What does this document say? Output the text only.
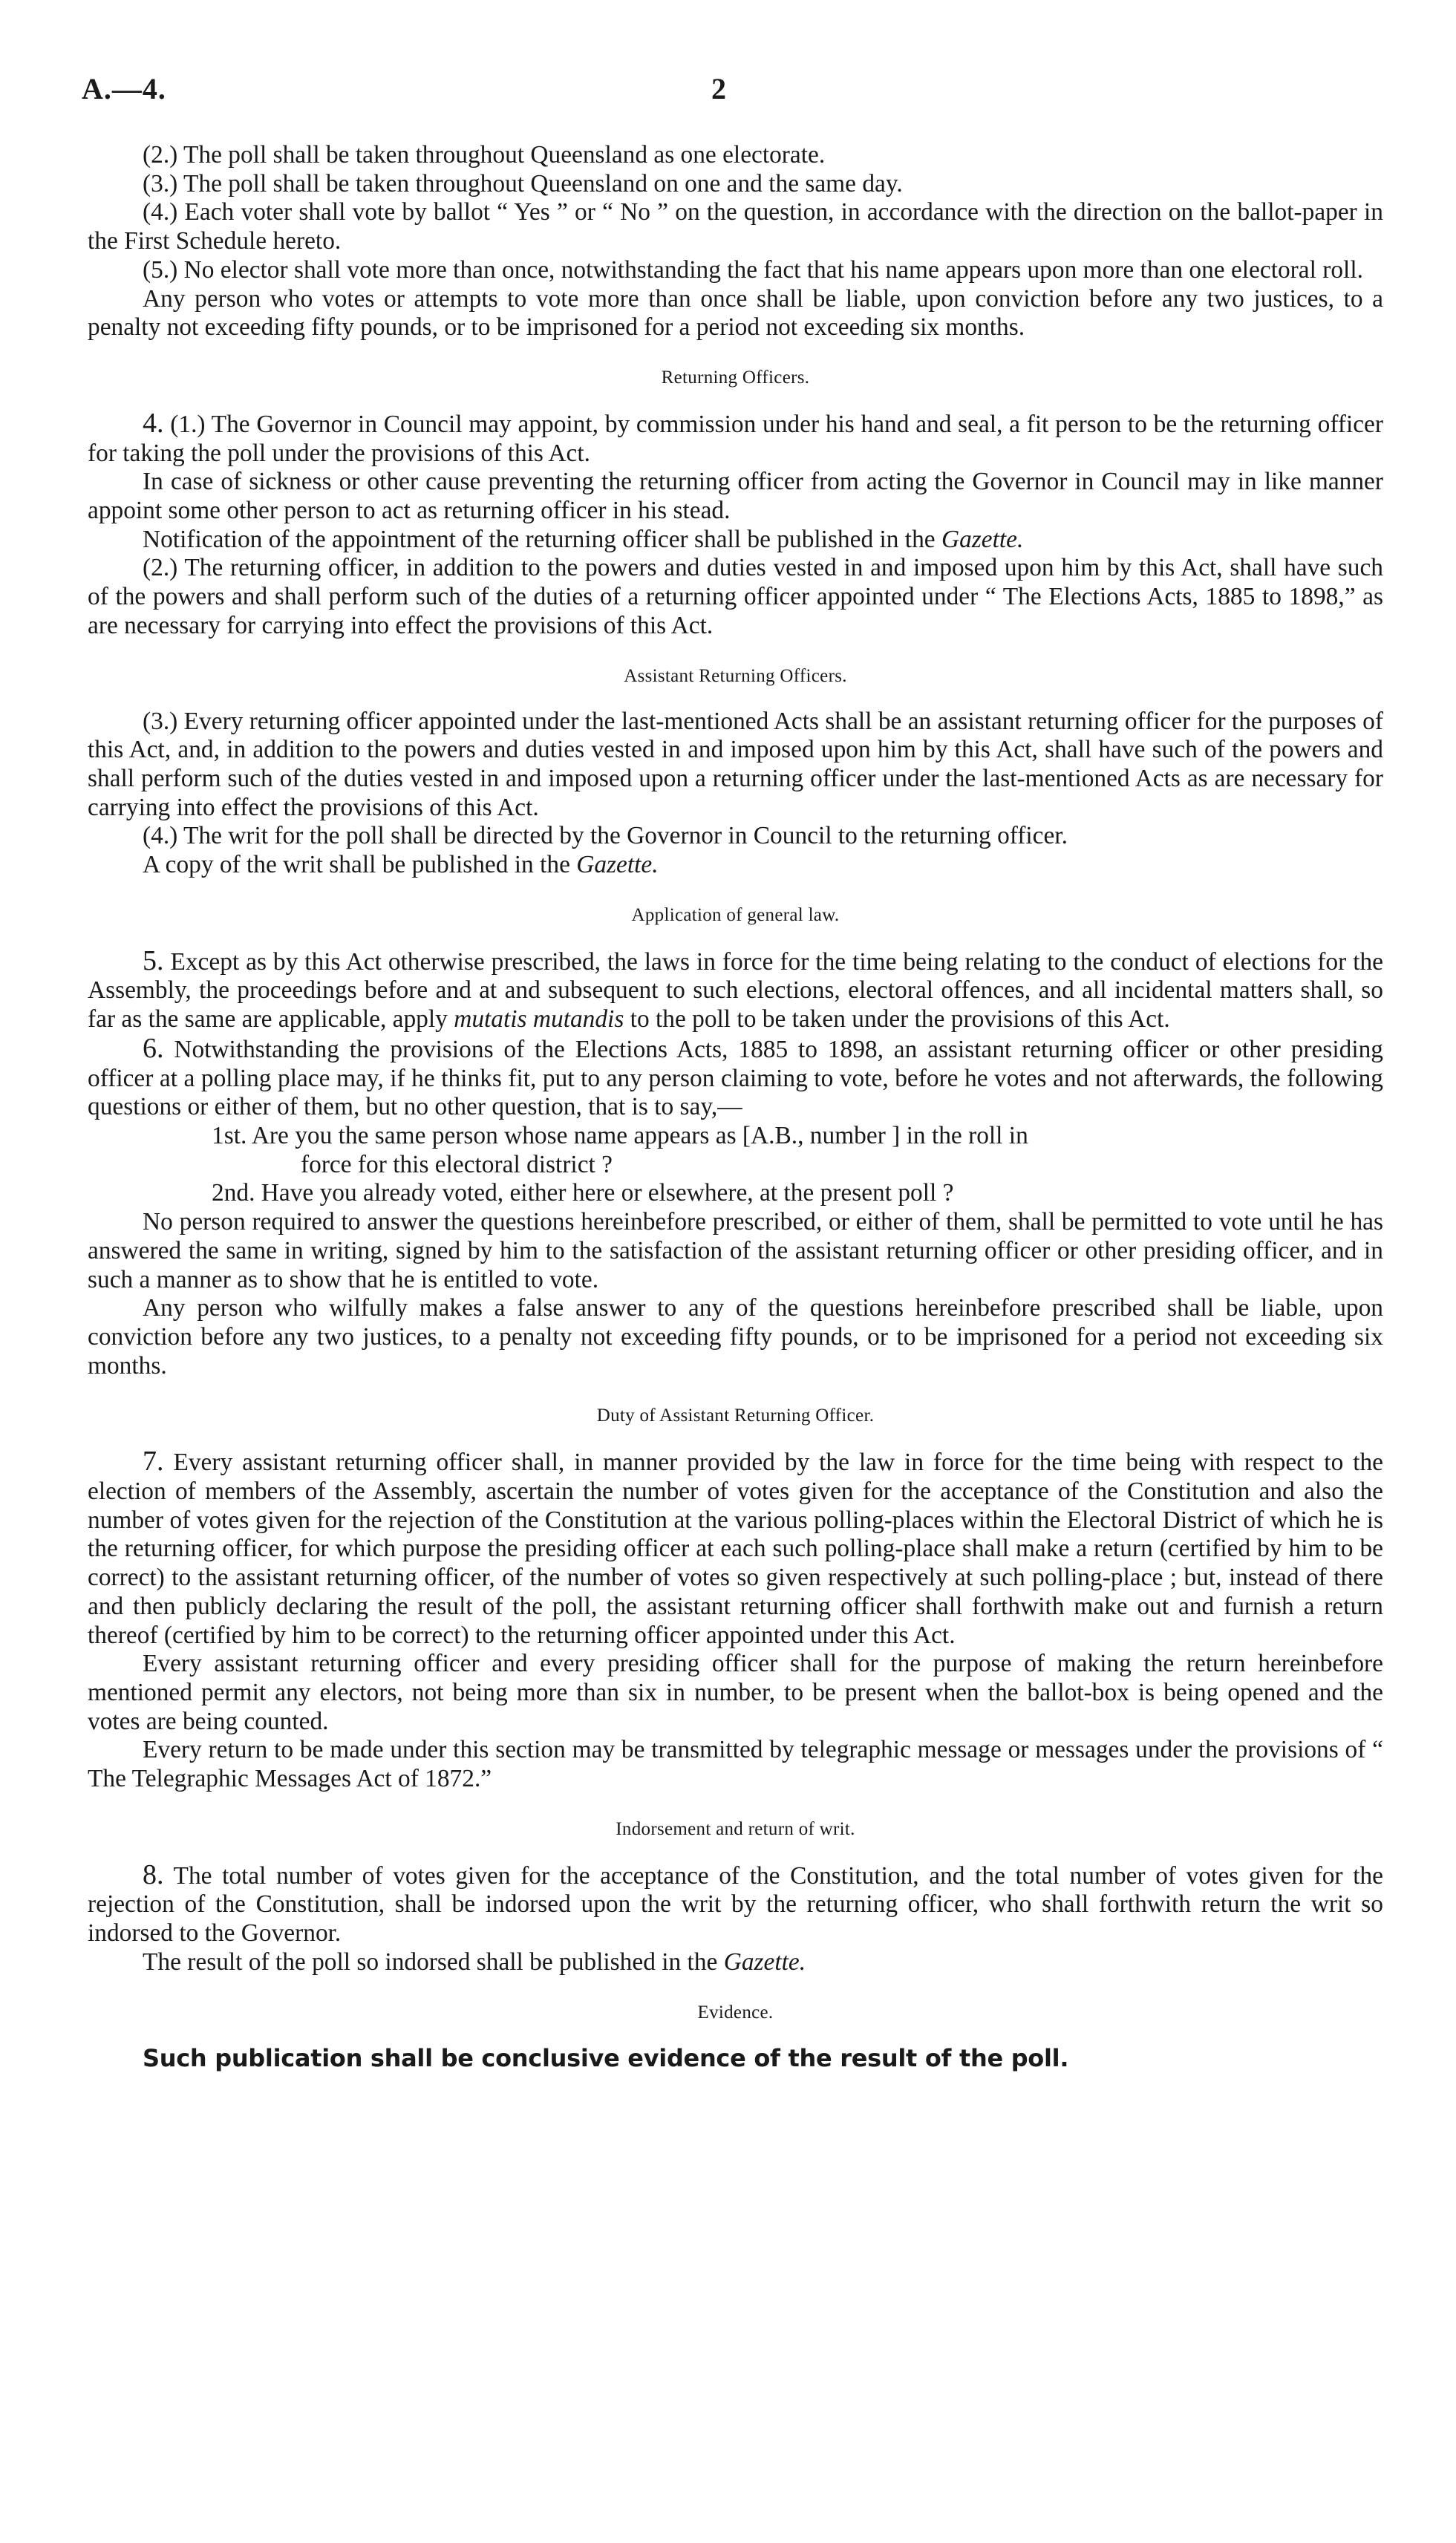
A.—4.	2

(2.) The poll shall be taken throughout Queensland as one electorate.

(3.) The poll shall be taken throughout Queensland on one and the same day.

(4.) Each voter shall vote by ballot “ Yes ” or “ No ” on the question, in accordance with the direction on the ballot-paper in the First Schedule hereto.

(5.) No elector shall vote more than once, notwithstanding the fact that his name appears upon more than one electoral roll.

Any person who votes or attempts to vote more than once shall be liable, upon conviction before any two justices, to a penalty not exceeding fifty pounds, or to be imprisoned for a period not exceeding six months.

Returning Officers.

4. (1.) The Governor in Council may appoint, by commission under his hand and seal, a fit person to be the returning officer for taking the poll under the provisions of this Act.

In case of sickness or other cause preventing the returning officer from acting the Governor in Council may in like manner appoint some other person to act as returning officer in his stead.

Notification of the appointment of the returning officer shall be published in the Gazette.

(2.) The returning officer, in addition to the powers and duties vested in and imposed upon him by this Act, shall have such of the powers and shall perform such of the duties of a returning officer appointed under “ The Elections Acts, 1885 to 1898,” as are necessary for carrying into effect the provisions of this Act.

Assistant Returning Officers.

(3.) Every returning officer appointed under the last-mentioned Acts shall be an assistant returning officer for the purposes of this Act, and, in addition to the powers and duties vested in and imposed upon him by this Act, shall have such of the powers and shall perform such of the duties vested in and imposed upon a returning officer under the last-mentioned Acts as are necessary for carrying into effect the provisions of this Act.

(4.) The writ for the poll shall be directed by the Governor in Council to the returning officer.

A copy of the writ shall be published in the Gazette.

Application of general law.

5. Except as by this Act otherwise prescribed, the laws in force for the time being relating to the conduct of elections for the Assembly, the proceedings before and at and subsequent to such elections, electoral offences, and all incidental matters shall, so far as the same are applicable, apply mutatis mutandis to the poll to be taken under the provisions of this Act.

6. Notwithstanding the provisions of the Elections Acts, 1885 to 1898, an assistant returning officer or other presiding officer at a polling place may, if he thinks fit, put to any person claiming to vote, before he votes and not afterwards, the following questions or either of them, but no other question, that is to say,—

1st. Are you the same person whose name appears as [A.B., number ] in the roll in
force for this electoral district ?

2nd. Have you already voted, either here or elsewhere, at the present poll ?

No person required to answer the questions hereinbefore prescribed, or either of them, shall be permitted to vote until he has answered the same in writing, signed by him to the satisfaction of the assistant returning officer or other presiding officer, and in such a manner as to show that he is entitled to vote.

Any person who wilfully makes a false answer to any of the questions hereinbefore prescribed shall be liable, upon conviction before any two justices, to a penalty not exceeding fifty pounds, or to be imprisoned for a period not exceeding six months.

Duty of Assistant Returning Officer.

7. Every assistant returning officer shall, in manner provided by the law in force for the time being with respect to the election of members of the Assembly, ascertain the number of votes given for the acceptance of the Constitution and also the number of votes given for the rejection of the Constitution at the various polling-places within the Electoral District of which he is the returning officer, for which purpose the presiding officer at each such polling-place shall make a return (certified by him to be correct) to the assistant returning officer, of the number of votes so given respectively at such polling-place ; but, instead of there and then publicly declaring the result of the poll, the assistant returning officer shall forthwith make out and furnish a return thereof (certified by him to be correct) to the returning officer appointed under this Act.

Every assistant returning officer and every presiding officer shall for the purpose of making the return hereinbefore mentioned permit any electors, not being more than six in number, to be present when the ballot-box is being opened and the votes are being counted.

Every return to be made under this section may be transmitted by telegraphic message or messages under the provisions of “ The Telegraphic Messages Act of 1872.”

Indorsement and return of writ.

8. The total number of votes given for the acceptance of the Constitution, and the total number of votes given for the rejection of the Constitution, shall be indorsed upon the writ by the returning officer, who shall forthwith return the writ so indorsed to the Governor.

The result of the poll so indorsed shall be published in the Gazette.

Evidence.

Such publication shall be conclusive evidence of the result of the poll.
